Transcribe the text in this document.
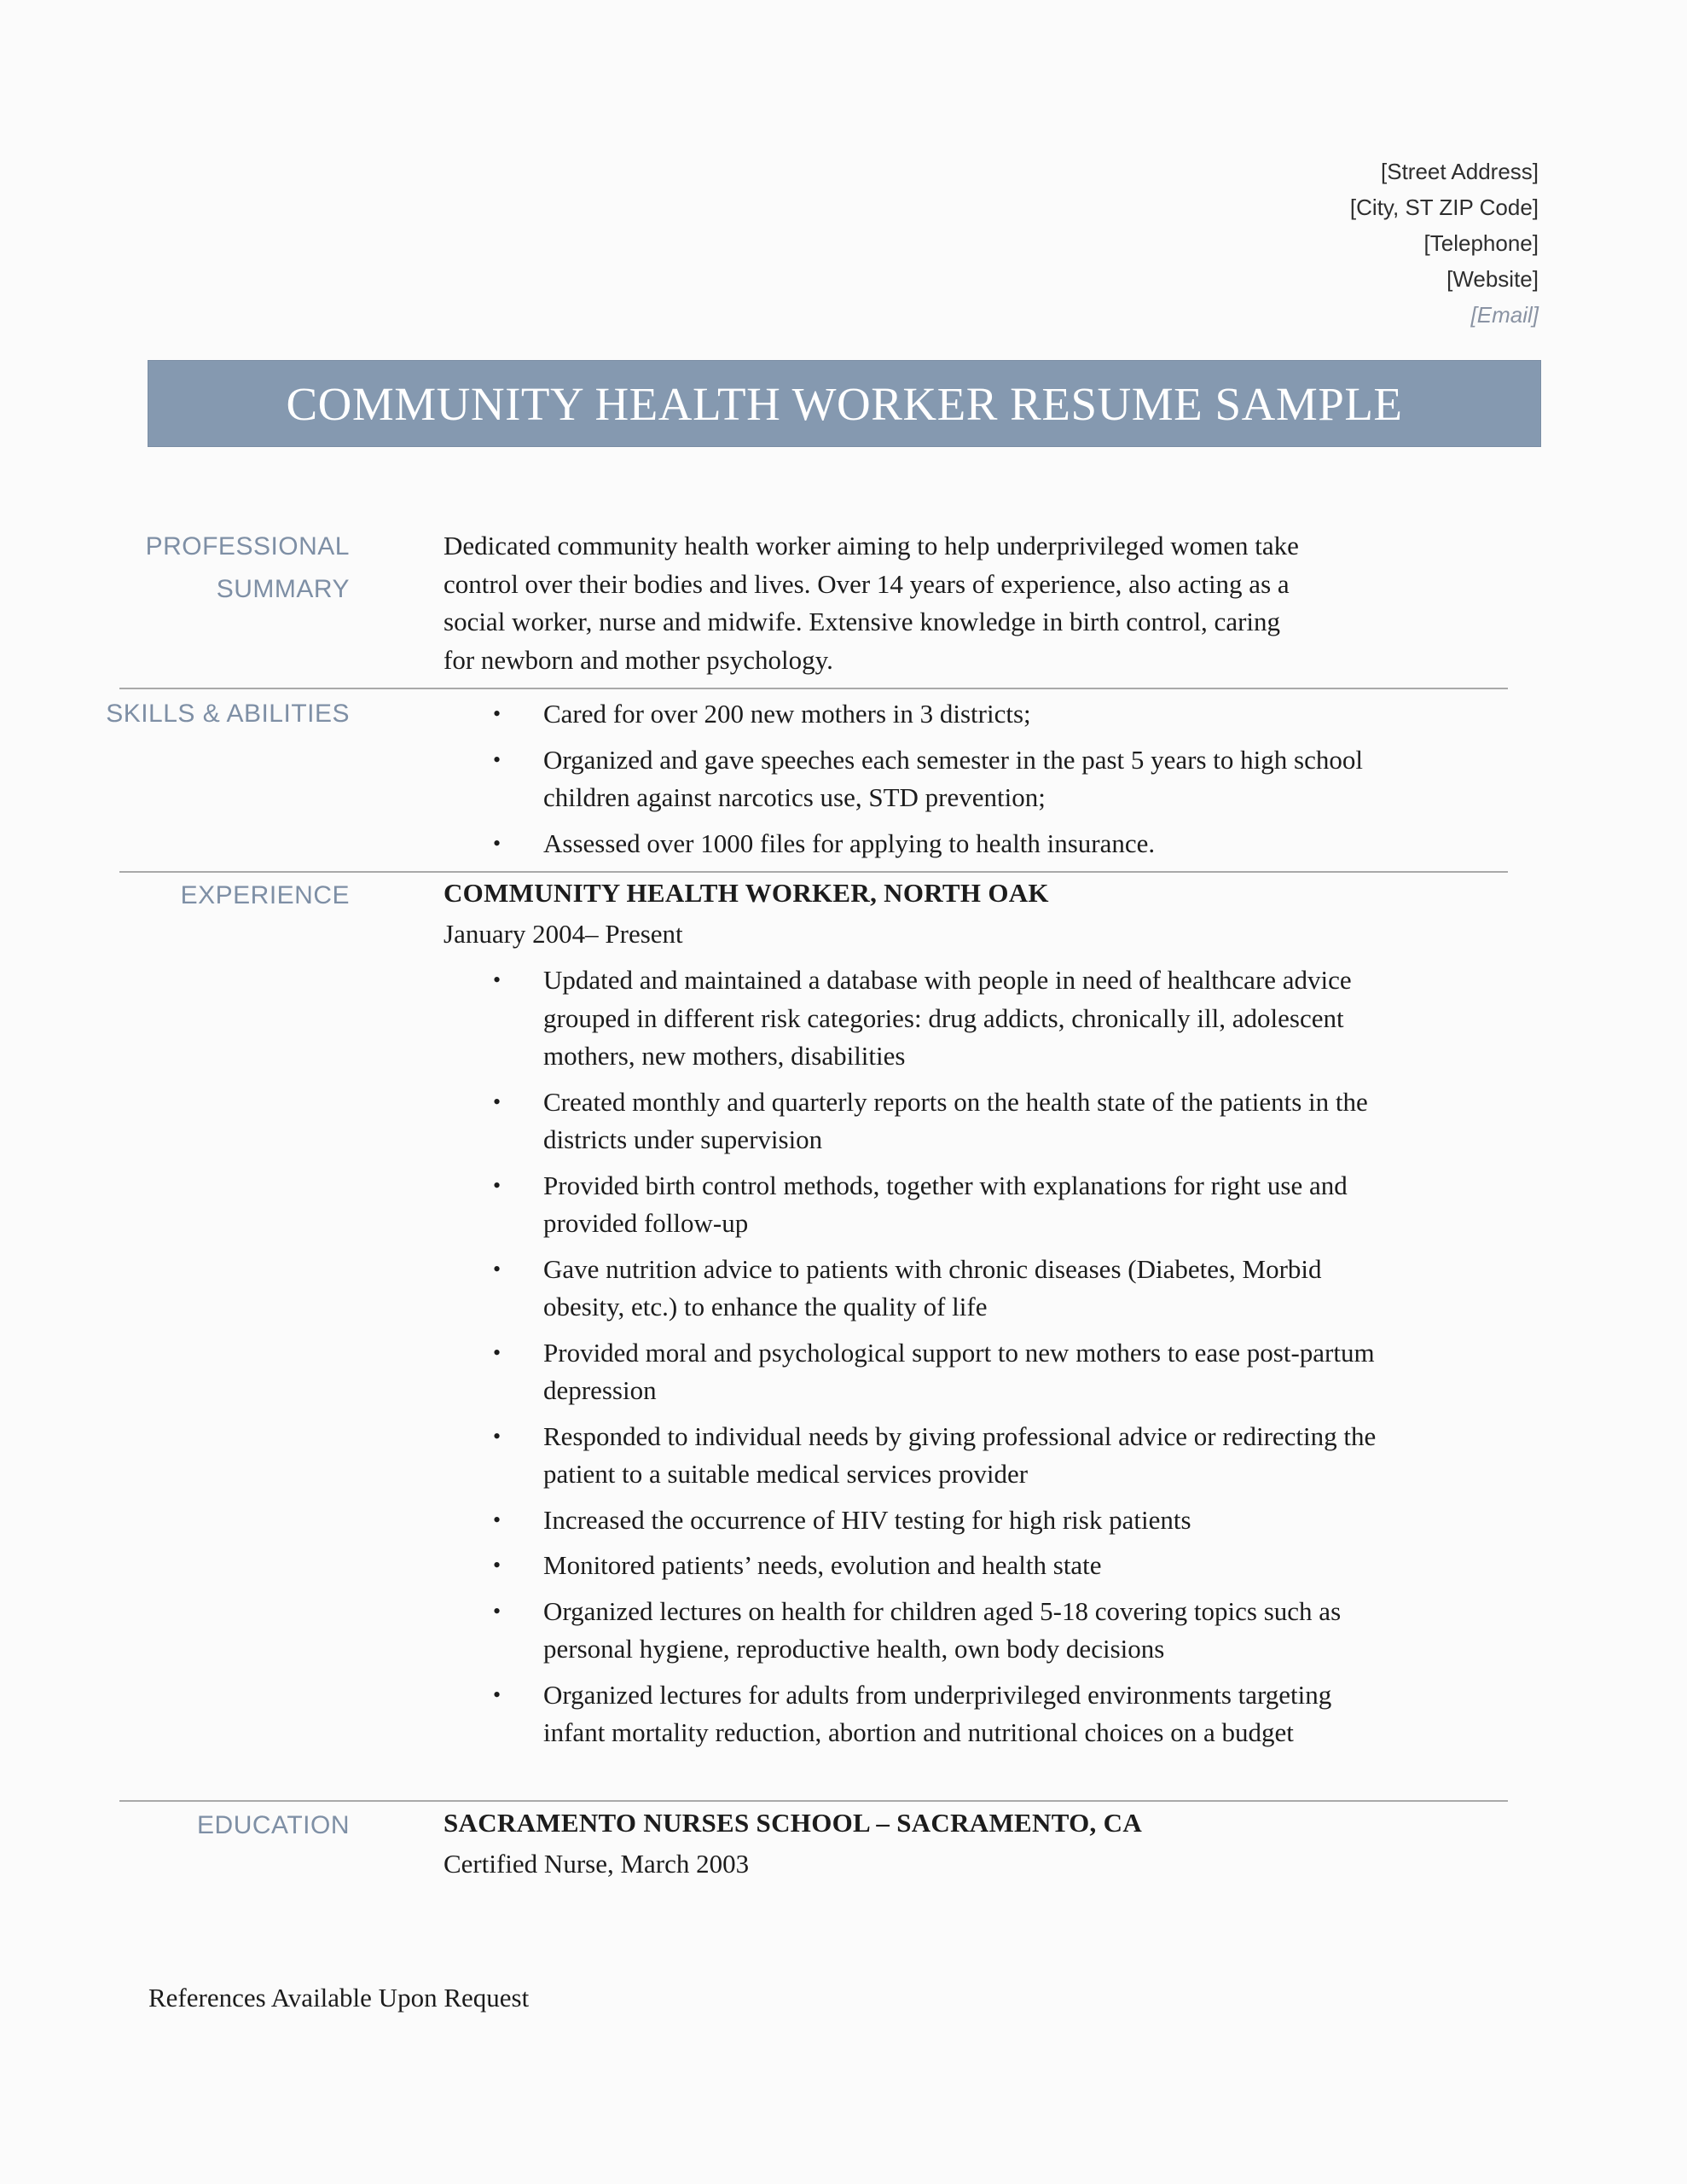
[Street Address]
[City, ST ZIP Code]
[Telephone]
[Website]
[Email]
COMMUNITY HEALTH WORKER RESUME SAMPLE
PROFESSIONAL
SUMMARY
Dedicated community health worker aiming to help underprivileged women take control over their bodies and lives. Over 14 years of experience, also acting as a social worker, nurse and midwife. Extensive knowledge in birth control, caring for newborn and mother psychology.
SKILLS & ABILITIES	• Cared for over 200 new mothers in 3 districts;
• Organized and gave speeches each semester in the past 5 years to high school children against narcotics use, STD prevention;
• Assessed over 1000 files for applying to health insurance.
EXPERIENCE	COMMUNITY HEALTH WORKER, NORTH OAK
January 2004– Present
• Updated and maintained a database with people in need of healthcare advice grouped in different risk categories: drug addicts, chronically ill, adolescent mothers, new mothers, disabilities
• Created monthly and quarterly reports on the health state of the patients in the districts under supervision
• Provided birth control methods, together with explanations for right use and provided follow-up
• Gave nutrition advice to patients with chronic diseases (Diabetes, Morbid obesity, etc.) to enhance the quality of life
• Provided moral and psychological support to new mothers to ease post-partum depression
• Responded to individual needs by giving professional advice or redirecting the patient to a suitable medical services provider
• Increased the occurrence of HIV testing for high risk patients
• Monitored patients’ needs, evolution and health state
• Organized lectures on health for children aged 5-18 covering topics such as personal hygiene, reproductive health, own body decisions
• Organized lectures for adults from underprivileged environments targeting infant mortality reduction, abortion and nutritional choices on a budget
EDUCATION	SACRAMENTO NURSES SCHOOL – SACRAMENTO, CA
Certified Nurse, March 2003
References Available Upon Request
